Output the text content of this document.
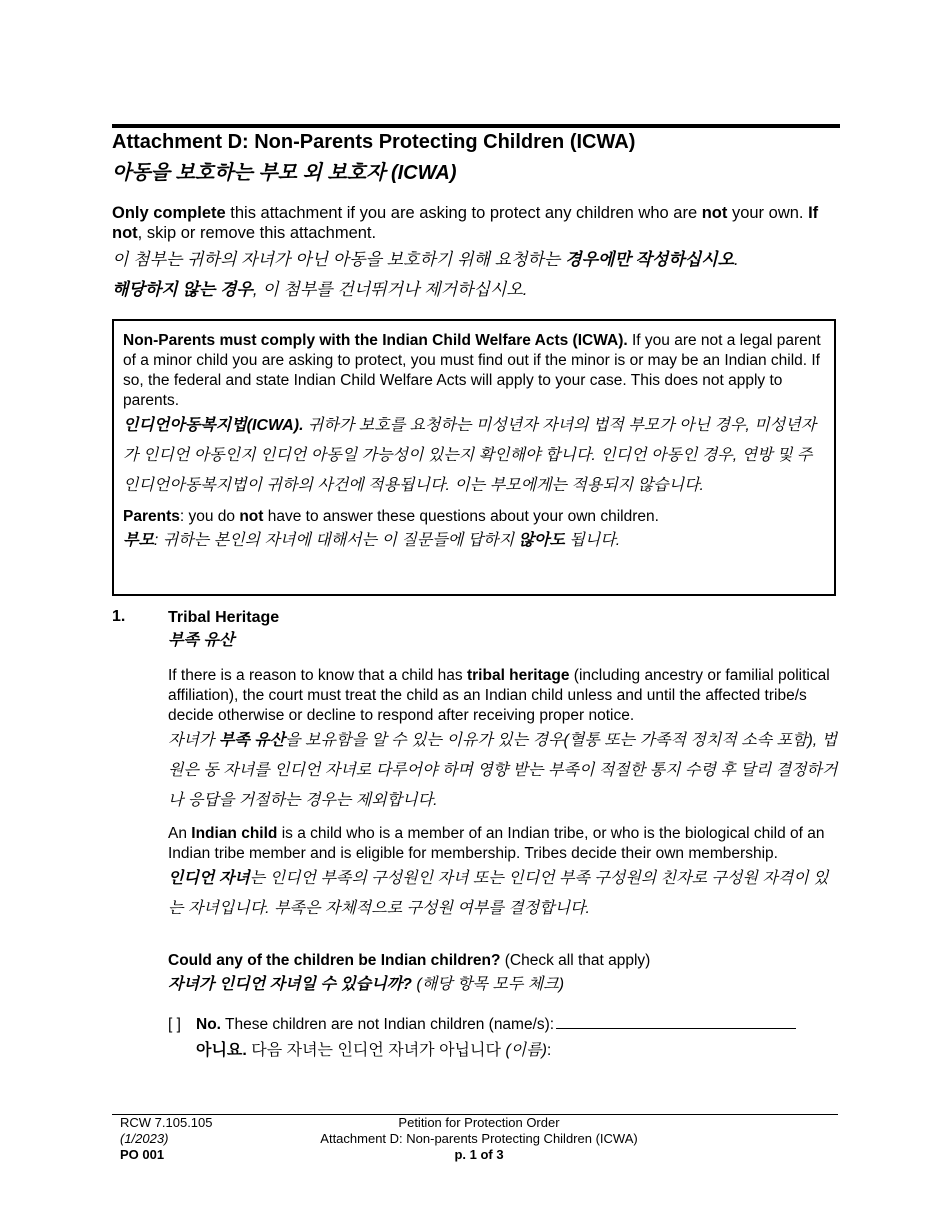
Attachment D: Non-Parents Protecting Children (ICWA)
아동을 보호하는 부모 외 보호자 (ICWA)

Only complete this attachment if you are asking to protect any children who are not your own. If not, skip or remove this attachment.

이 첨부는 귀하의 자녀가 아닌 아동을 보호하기 위해 요청하는 경우에만 작성하십시오.
해당하지 않는 경우, 이 첨부를 건너뛰거나 제거하십시오.

Non-Parents must comply with the Indian Child Welfare Acts (ICWA). If you are not a legal parent of a minor child you are asking to protect, you must find out if the minor is or may be an Indian child. If so, the federal and state Indian Child Welfare Acts will apply to your case. This does not apply to parents.

인디언아동복지법(ICWA). 귀하가 보호를 요청하는 미성년자 자녀의 법적 부모가 아닌 경우, 미성년자가 인디언 아동인지 인디언 아동일 가능성이 있는지 확인해야 합니다. 인디언 아동인 경우, 연방 및 주 인디언아동복지법이 귀하의 사건에 적용됩니다. 이는 부모에게는 적용되지 않습니다.

Parents: you do not have to answer these questions about your own children.

부모: 귀하는 본인의 자녀에 대해서는 이 질문들에 답하지 않아도 됩니다.

1.	Tribal Heritage
부족 유산

If there is a reason to know that a child has tribal heritage (including ancestry or familial political affiliation), the court must treat the child as an Indian child unless and until the affected tribe/s decide otherwise or decline to respond after receiving proper notice.

자녀가 부족 유산을 보유함을 알 수 있는 이유가 있는 경우(혈통 또는 가족적 정치적 소속 포함), 법원은 동 자녀를 인디언 자녀로 다루어야 하며 영향 받는 부족이 적절한 통지 수령 후 달리 결정하거나 응답을 거절하는 경우는 제외합니다.

An Indian child is a child who is a member of an Indian tribe, or who is the biological child of an Indian tribe member and is eligible for membership. Tribes decide their own membership.

인디언 자녀는 인디언 부족의 구성원인 자녀 또는 인디언 부족 구성원의 친자로 구성원 자격이 있는 자녀입니다. 부족은 자체적으로 구성원 여부를 결정합니다.

Could any of the children be Indian children? (Check all that apply)

자녀가 인디언 자녀일 수 있습니까? (해당 항목 모두 체크)

[ ] No. These children are not Indian children (name/s):
아니요. 다음 자녀는 인디언 자녀가 아닙니다 (이름):
RCW 7.105.105
(1/2023)
PO 001
Petition for Protection Order
Attachment D: Non-parents Protecting Children (ICWA)
p. 1 of 3
